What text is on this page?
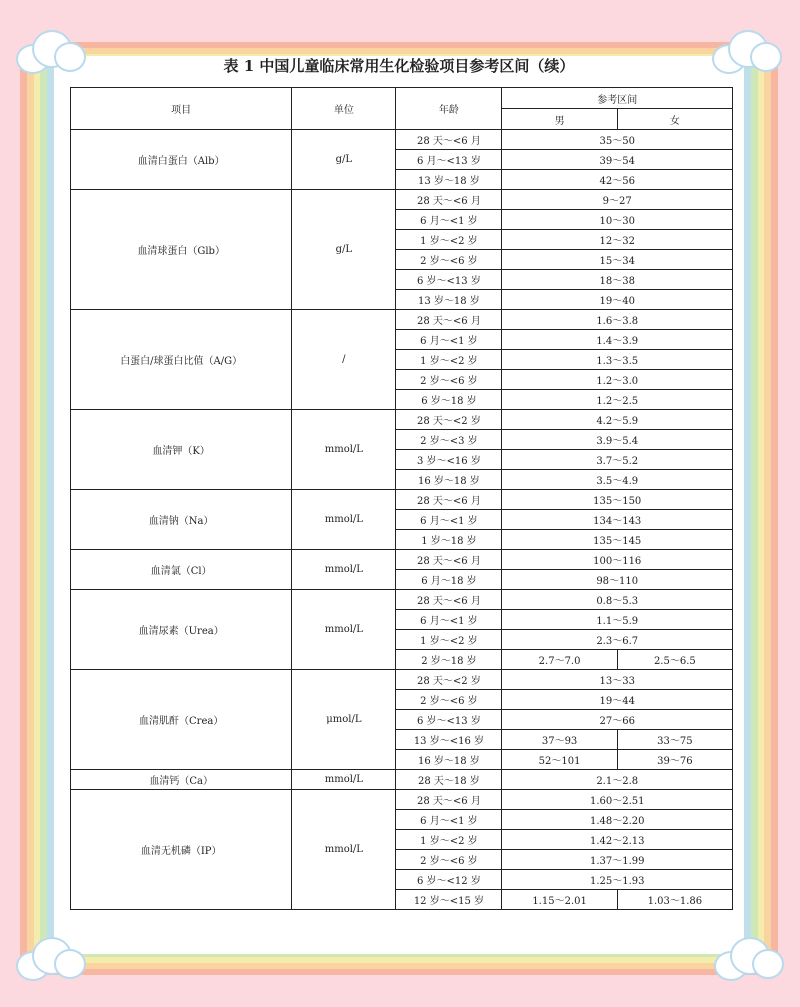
表 1 中国儿童临床常用生化检验项目参考区间（续）
项目	单位	年龄	参考区间	
			男	女
血清白蛋白（Alb）	g/L	28 天～<6 月	35～50	
		6 月～<13 岁	39～54	
		13 岁～18 岁	42～56	
血清球蛋白（Glb）	g/L	28 天～<6 月	9～27	
		6 月～<1 岁	10～30	
		1 岁～<2 岁	12～32	
		2 岁～<6 岁	15～34	
		6 岁～<13 岁	18～38	
		13 岁～18 岁	19～40	
白蛋白/球蛋白比值（A/G）	/	28 天～<6 月	1.6～3.8	
		6 月～<1 岁	1.4～3.9	
		1 岁～<2 岁	1.3～3.5	
		2 岁～<6 岁	1.2～3.0	
		6 岁～18 岁	1.2～2.5	
血清钾（K）	mmol/L	28 天～<2 岁	4.2～5.9	
		2 岁～<3 岁	3.9～5.4	
		3 岁～<16 岁	3.7～5.2	
		16 岁～18 岁	3.5～4.9	
血清钠（Na）	mmol/L	28 天～<6 月	135～150	
		6 月～<1 岁	134～143	
		1 岁～18 岁	135～145	
血清氯（Cl）	mmol/L	28 天～<6 月	100～116	
		6 月～18 岁	98～110	
血清尿素（Urea）	mmol/L	28 天～<6 月	0.8～5.3	
		6 月～<1 岁	1.1～5.9	
		1 岁～<2 岁	2.3～6.7	
		2 岁～18 岁	2.7～7.0	2.5～6.5
血清肌酐（Crea）	μmol/L	28 天～<2 岁	13～33	
		2 岁～<6 岁	19～44	
		6 岁～<13 岁	27～66	
		13 岁～<16 岁	37～93	33～75
		16 岁～18 岁	52～101	39～76
血清钙（Ca）	mmol/L	28 天～18 岁	2.1～2.8	
血清无机磷（IP）	mmol/L	28 天～<6 月	1.60～2.51	
		6 月～<1 岁	1.48～2.20	
		1 岁～<2 岁	1.42～2.13	
		2 岁～<6 岁	1.37～1.99	
		6 岁～<12 岁	1.25～1.93	
		12 岁～<15 岁	1.15～2.01	1.03～1.86
